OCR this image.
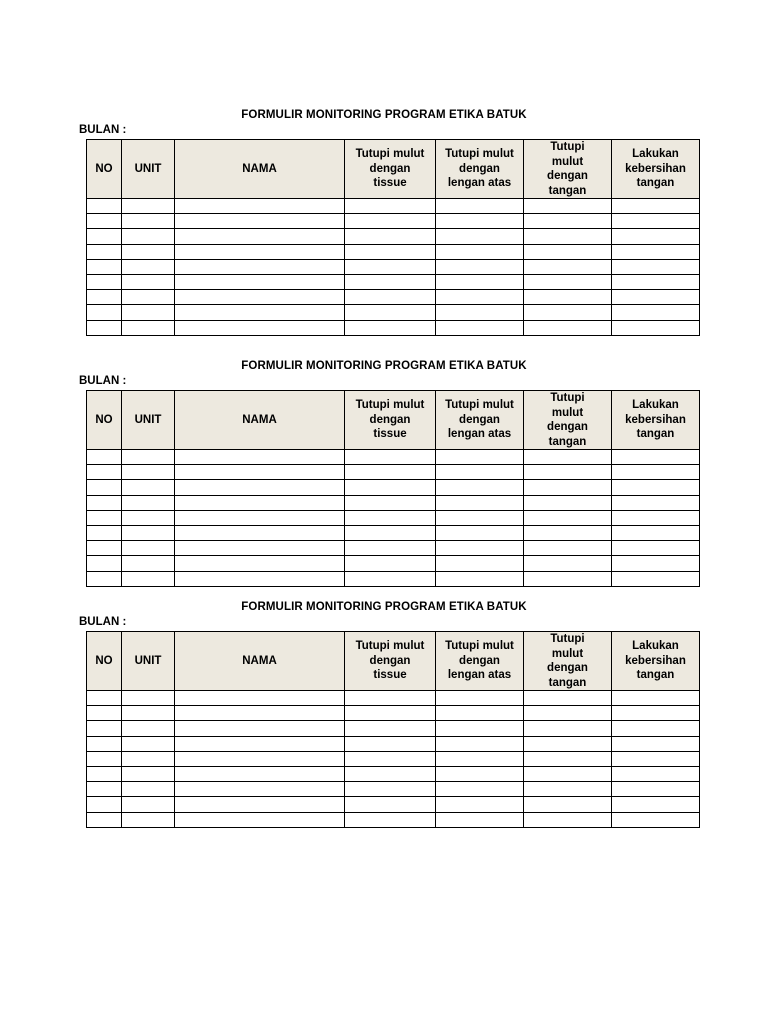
FORMULIR MONITORING PROGRAM ETIKA BATUK
BULAN :
NO	UNIT	NAMA	Tutupi mulut
dengan
tissue	Tutupi mulut
dengan
lengan atas	Tutupi
mulut
dengan
tangan	Lakukan
kebersihan
tangan

FORMULIR MONITORING PROGRAM ETIKA BATUK
BULAN :
NO	UNIT	NAMA	Tutupi mulut
dengan
tissue	Tutupi mulut
dengan
lengan atas	Tutupi
mulut
dengan
tangan	Lakukan
kebersihan
tangan

FORMULIR MONITORING PROGRAM ETIKA BATUK
BULAN :
NO	UNIT	NAMA	Tutupi mulut
dengan
tissue	Tutupi mulut
dengan
lengan atas	Tutupi
mulut
dengan
tangan	Lakukan
kebersihan
tangan
